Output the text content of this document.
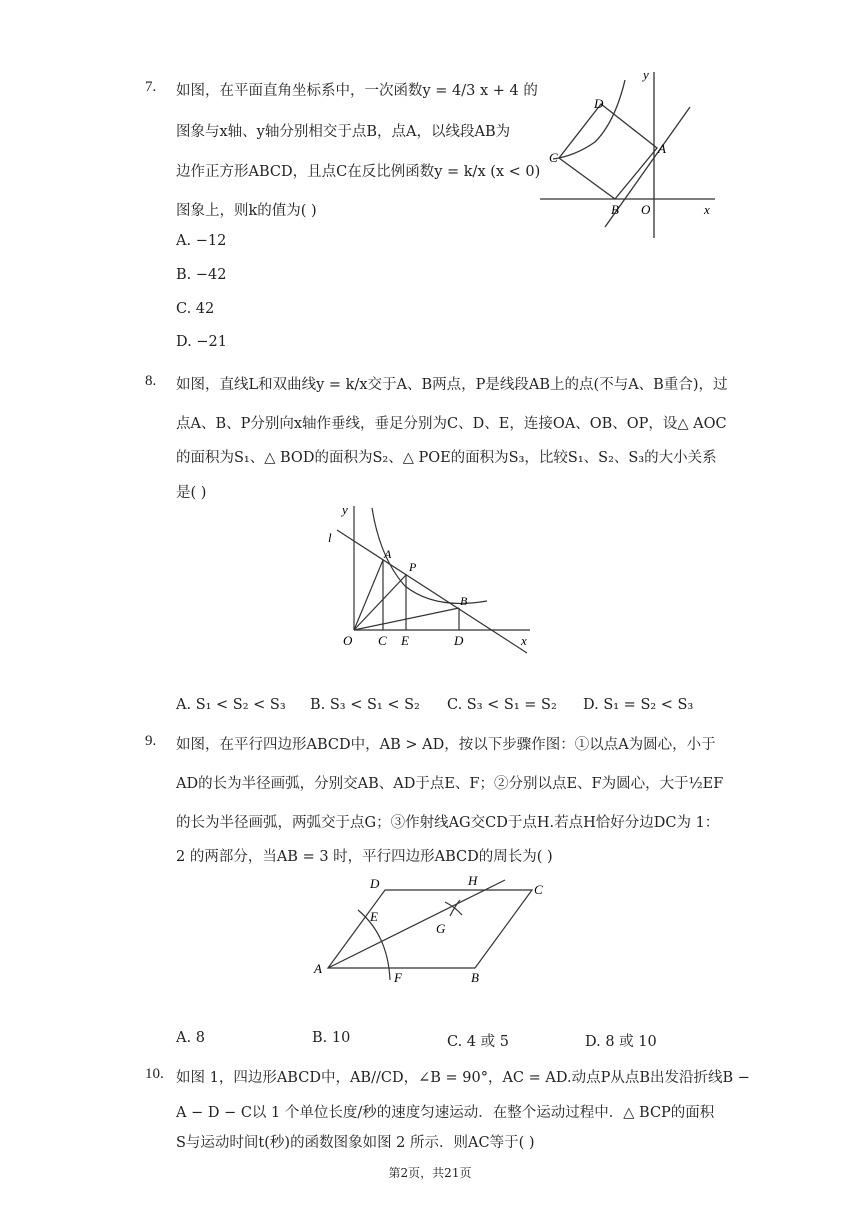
7. 如图，在平面直角坐标系中，一次函数y = 4/3 x + 4 的
图象与x轴、y轴分别相交于点B，点A，以线段AB为
边作正方形ABCD，且点C在反比例函数y = k/x (x < 0)
图象上，则k的值为( )
A. −12
B. −42
C. 42
D. −21
D
A
C
B O	x
y
8. 如图，直线L和双曲线y = k/x交于A、B两点，P是线段AB上的点(不与A、B重合)，过
点A、B、P分别向x轴作垂线，垂足分别为C、D、E，连接OA、OB、OP，设△ AOC
的面积为S₁、△ BOD的面积为S₂、△ POE的面积为S₃，比较S₁、S₂、S₃的大小关系
是( )
y
l
A
P
B
O C E	D	x
A. S₁ < S₂ < S₃ B. S₃ < S₁ < S₂ C. S₃ < S₁ = S₂ D. S₁ = S₂ < S₃
9. 如图，在平行四边形ABCD中，AB > AD，按以下步骤作图：①以点A为圆心，小于
AD的长为半径画弧，分别交AB、AD于点E、F；②分别以点E、F为圆心，大于½EF
的长为半径画弧，两弧交于点G；③作射线AG交CD于点H.若点H恰好分边DC为 1：
2 的两部分，当AB = 3 时，平行四边形ABCD的周长为( )
D	H
C
E
G
A
F	B
A. 8	B. 10	C. 4 或 5	D. 8 或 10
10. 如图 1，四边形ABCD中，AB//CD，∠B = 90°，AC = AD.动点P从点B出发沿折线B −
A − D − C以 1 个单位长度/秒的速度匀速运动．在整个运动过程中．△ BCP的面积
S与运动时间t(秒)的函数图象如图 2 所示．则AC等于( )
第2页，共21页
